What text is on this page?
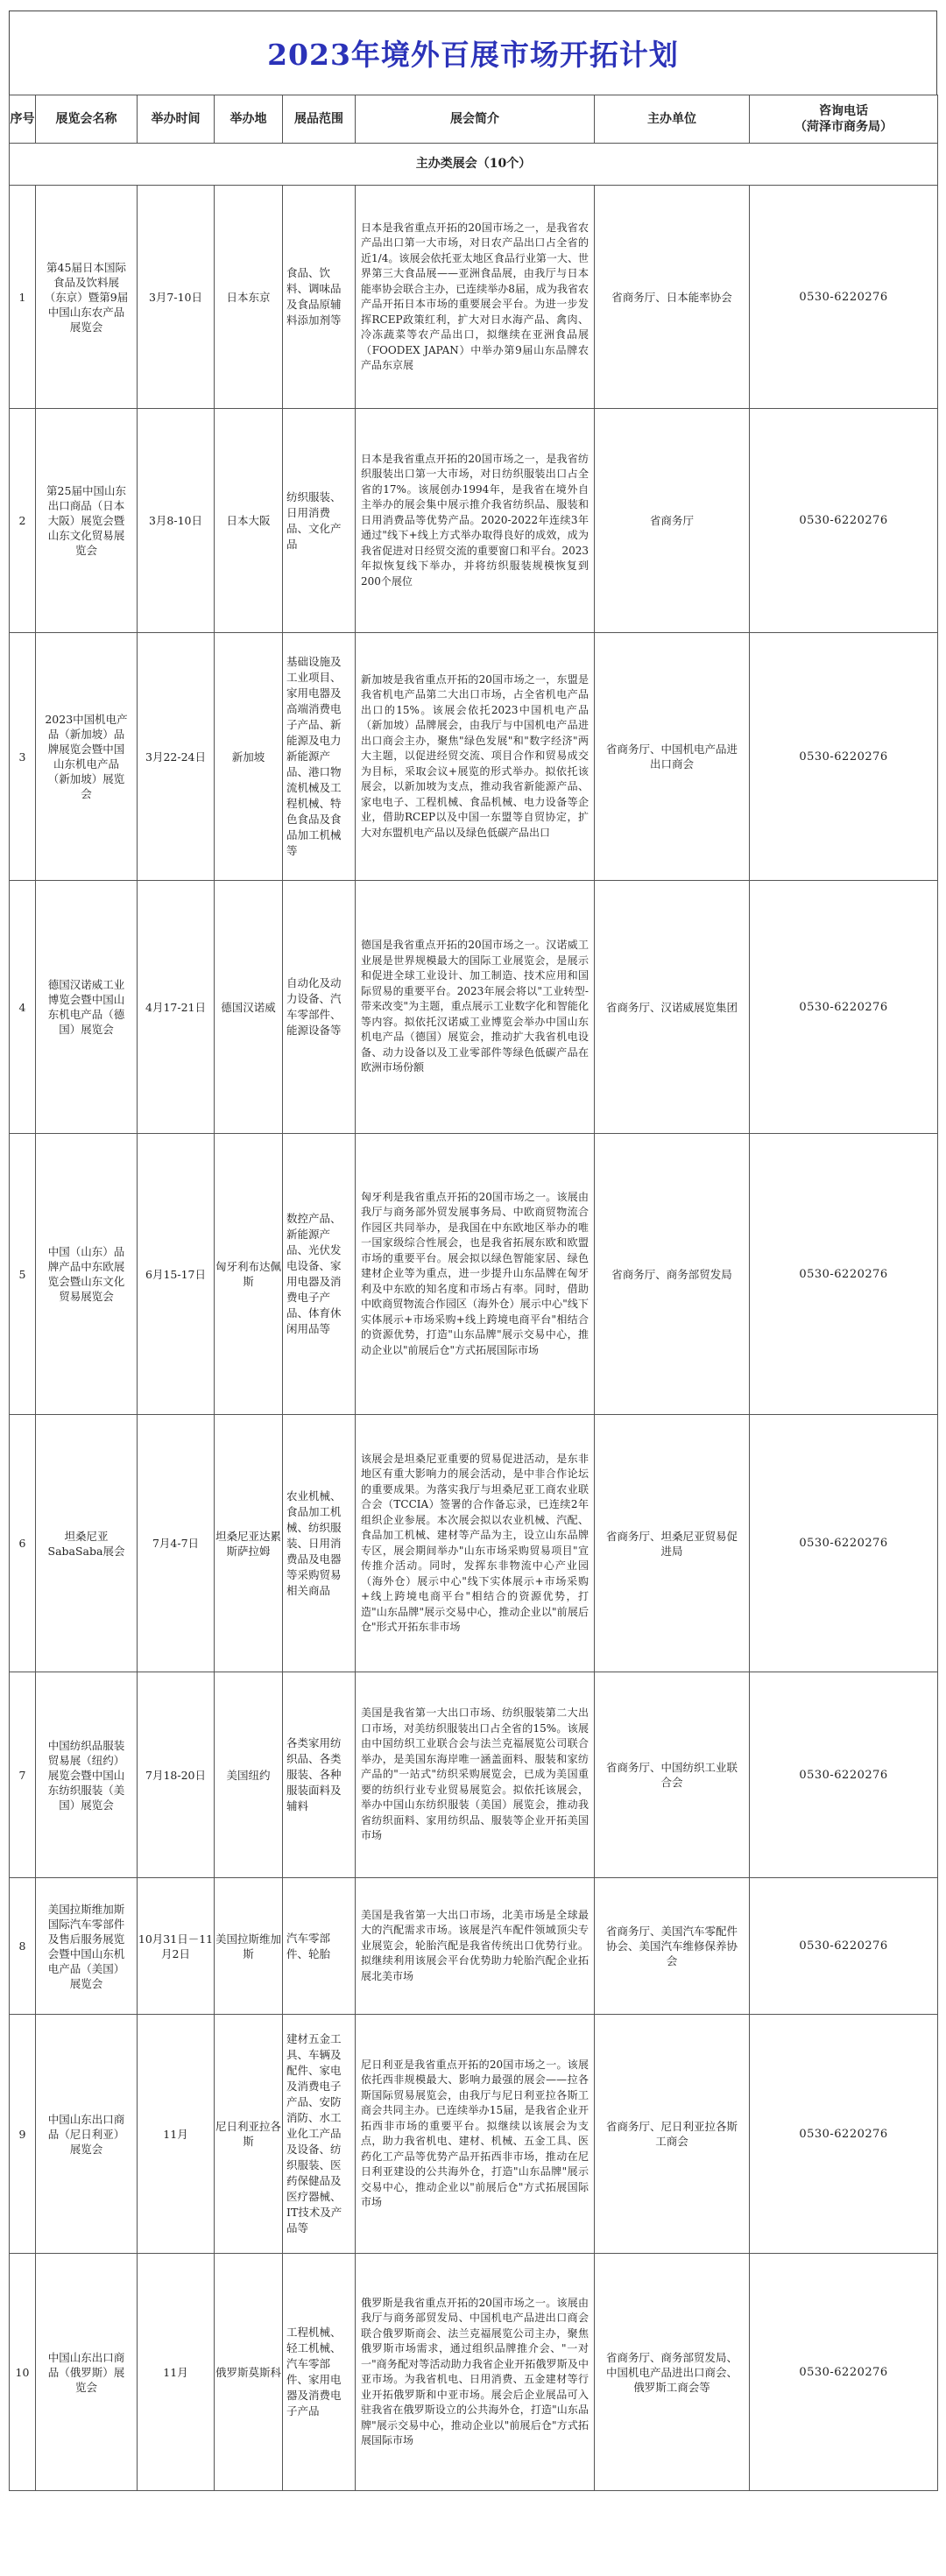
2023年境外百展市场开拓计划
序号	展览会名称	举办时间	举办地	展品范围	展会简介	主办单位	咨询电话
（菏泽市商务局）

主办类展会（10个）							
1	第45届日本国际食品及饮料展（东京）暨第9届中国山东农产品展览会	3月7-10日	日本东京	食品、饮料、调味品及食品原辅料添加剂等	日本是我省重点开拓的20国市场之一，是我省农产品出口第一大市场，对日农产品出口占全省的近1/4。该展会依托亚太地区食品行业第一大、世界第三大食品展——亚洲食品展，由我厅与日本能率协会联合主办，已连续举办8届，成为我省农产品开拓日本市场的重要展会平台。为进一步发挥RCEP政策红利，扩大对日水海产品、禽肉、冷冻蔬菜等农产品出口，拟继续在亚洲食品展（FOODEX JAPAN）中举办第9届山东品牌农产品东京展	省商务厅、日本能率协会	0530-6220276
2	第25届中国山东出口商品（日本大阪）展览会暨山东文化贸易展览会	3月8-10日	日本大阪	纺织服装、日用消费品、文化产品	日本是我省重点开拓的20国市场之一，是我省纺织服装出口第一大市场，对日纺织服装出口占全省的17%。该展创办1994年，是我省在境外自主举办的展会集中展示推介我省纺织品、服装和日用消费品等优势产品。2020-2022年连续3年通过"线下+线上方式举办取得良好的成效，成为我省促进对日经贸交流的重要窗口和平台。2023年拟恢复线下举办，并将纺织服装规模恢复到200个展位	省商务厅	0530-6220276
3	2023中国机电产品（新加坡）品牌展览会暨中国山东机电产品（新加坡）展览会	3月22-24日	新加坡	基础设施及工业项目、家用电器及高端消费电子产品、新能源及电力新能源产品、港口物流机械及工程机械、特色食品及食品加工机械等	新加坡是我省重点开拓的20国市场之一，东盟是我省机电产品第二大出口市场，占全省机电产品出口的15%。该展会依托2023中国机电产品（新加坡）品牌展会，由我厅与中国机电产品进出口商会主办，聚焦"绿色发展"和"数字经济"两大主题，以促进经贸交流、项目合作和贸易成交为目标，采取会议+展览的形式举办。拟依托该展会，以新加坡为支点，推动我省新能源产品、家电电子、工程机械、食品机械、电力设备等企业，借助RCEP以及中国一东盟等自贸协定，扩大对东盟机电产品以及绿色低碳产品出口	省商务厅、中国机电产品进出口商会	0530-6220276
4	德国汉诺威工业博览会暨中国山东机电产品（德国）展览会	4月17-21日	德国汉诺威	自动化及动力设备、汽车零部件、能源设备等	德国是我省重点开拓的20国市场之一。汉诺威工业展是世界规模最大的国际工业展览会，是展示和促进全球工业设计、加工制造、技术应用和国际贸易的重要平台。2023年展会将以"工业转型-带来改变"为主题，重点展示工业数字化和智能化等内容。拟依托汉诺威工业博览会举办中国山东机电产品（德国）展览会，推动扩大我省机电设备、动力设备以及工业零部件等绿色低碳产品在欧洲市场份额	省商务厅、汉诺威展览集团	0530-6220276
5	中国（山东）品牌产品中东欧展览会暨山东文化贸易展览会	6月15-17日	匈牙利布达佩斯	数控产品、新能源产品、光伏发电设备、家用电器及消费电子产品、体育休闲用品等	匈牙利是我省重点开拓的20国市场之一。该展由我厅与商务部外贸发展事务局、中欧商贸物流合作园区共同举办，是我国在中东欧地区举办的唯一国家级综合性展会，也是我省拓展东欧和欧盟市场的重要平台。展会拟以绿色智能家居、绿色建材企业等为重点，进一步提升山东品牌在匈牙利及中东欧的知名度和市场占有率。同时，借助中欧商贸物流合作园区（海外仓）展示中心"线下实体展示+市场采购+线上跨境电商平台"相结合的资源优势，打造"山东品牌"展示交易中心，推动企业以"前展后仓"方式拓展国际市场	省商务厅、商务部贸发局	0530-6220276
6	坦桑尼亚SabaSaba展会	7月4-7日	坦桑尼亚达累斯萨拉姆	农业机械、食品加工机械、纺织服装、日用消费品及电器等采购贸易相关商品	该展会是坦桑尼亚重要的贸易促进活动，是东非地区有重大影响力的展会活动，是中非合作论坛的重要成果。为落实我厅与坦桑尼亚工商农业联合会（TCCIA）签署的合作备忘录，已连续2年组织企业参展。本次展会拟以农业机械、汽配、食品加工机械、建材等产品为主，设立山东品牌专区，展会期间举办"山东市场采购贸易项目"宣传推介活动。同时，发挥东非物流中心产业园（海外仓）展示中心"线下实体展示+市场采购+线上跨境电商平台"相结合的资源优势，打造"山东品牌"展示交易中心，推动企业以"前展后仓"形式开拓东非市场	省商务厅、坦桑尼亚贸易促进局	0530-6220276
7	中国纺织品服装贸易展（纽约）展览会暨中国山东纺织服装（美国）展览会	7月18-20日	美国纽约	各类家用纺织品、各类服装、各种服装面料及辅料	美国是我省第一大出口市场、纺织服装第二大出口市场，对美纺织服装出口占全省的15%。该展由中国纺织工业联合会与法兰克福展览公司联合举办，是美国东海岸唯一涵盖面料、服装和家纺产品的"一站式"纺织采购展览会，已成为美国重要的纺织行业专业贸易展览会。拟依托该展会，举办中国山东纺织服装（美国）展览会，推动我省纺织面料、家用纺织品、服装等企业开拓美国市场	省商务厅、中国纺织工业联合会	0530-6220276
8	美国拉斯维加斯国际汽车零部件及售后服务展览会暨中国山东机电产品（美国）展览会	10月31日－11月2日	美国拉斯维加斯	汽车零部件、轮胎	美国是我省第一大出口市场，北美市场是全球最大的汽配需求市场。该展是汽车配件领域顶尖专业展览会，轮胎汽配是我省传统出口优势行业。拟继续利用该展会平台优势助力轮胎汽配企业拓展北美市场	省商务厅、美国汽车零配件协会、美国汽车维修保养协会	0530-6220276
9	中国山东出口商品（尼日利亚）展览会	11月	尼日利亚拉各斯	建材五金工具、车辆及配件、家电及消费电子产品、安防消防、水工业化工产品及设备、纺织服装、医药保健品及医疗器械、IT技术及产品等	尼日利亚是我省重点开拓的20国市场之一。该展依托西非规模最大、影响力最强的展会——拉各斯国际贸易展览会，由我厅与尼日利亚拉各斯工商会共同主办。已连续举办15届，是我省企业开拓西非市场的重要平台。拟继续以该展会为支点，助力我省机电、建材、机械、五金工具、医药化工产品等优势产品开拓西非市场，推动在尼日利亚建设的公共海外仓，打造"山东品牌"展示交易中心，推动企业以"前展后仓"方式拓展国际市场	省商务厅、尼日利亚拉各斯工商会	0530-6220276
10	中国山东出口商品（俄罗斯）展览会	11月	俄罗斯莫斯科	工程机械、轻工机械、汽车零部件、家用电器及消费电子产品	俄罗斯是我省重点开拓的20国市场之一。该展由我厅与商务部贸发局、中国机电产品进出口商会联合俄罗斯商会、法兰克福展览公司主办，聚焦俄罗斯市场需求，通过组织品牌推介会、"一对一"商务配对等活动助力我省企业开拓俄罗斯及中亚市场。为我省机电、日用消费、五金建材等行业开拓俄罗斯和中亚市场。展会后企业展品可入驻我省在俄罗斯设立的公共海外仓，打造"山东品牌"展示交易中心，推动企业以"前展后仓"方式拓展国际市场	省商务厅、商务部贸发局、中国机电产品进出口商会、俄罗斯工商会等	0530-6220276
